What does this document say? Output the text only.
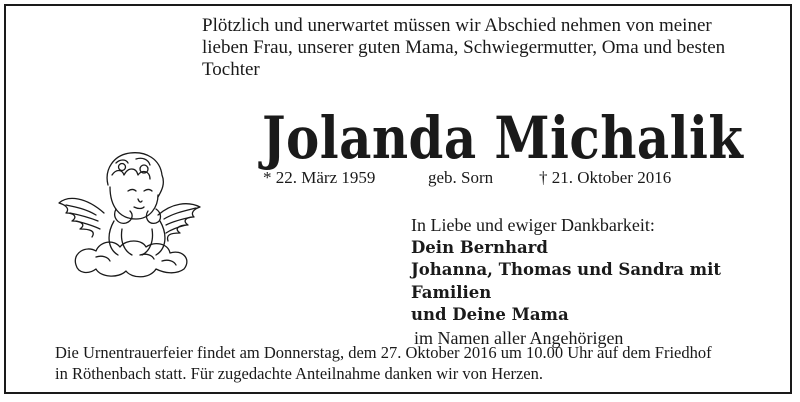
Plötzlich und unerwartet müssen wir Abschied nehmen von meiner
lieben Frau, unserer guten Mama, Schwiegermutter, Oma und besten
Tochter
Jolanda Michalik
* 22. März 1959	geb. Sorn	† 21. Oktober 2016
In Liebe und ewiger Dankbarkeit:
Dein Bernhard
Johanna, Thomas und Sandra mit Familien
und Deine Mama
im Namen aller Angehörigen
Die Urnentrauerfeier findet am Donnerstag, dem 27. Oktober 2016 um 10.00 Uhr auf dem Friedhof
in Röthenbach statt. Für zugedachte Anteilnahme danken wir von Herzen.
